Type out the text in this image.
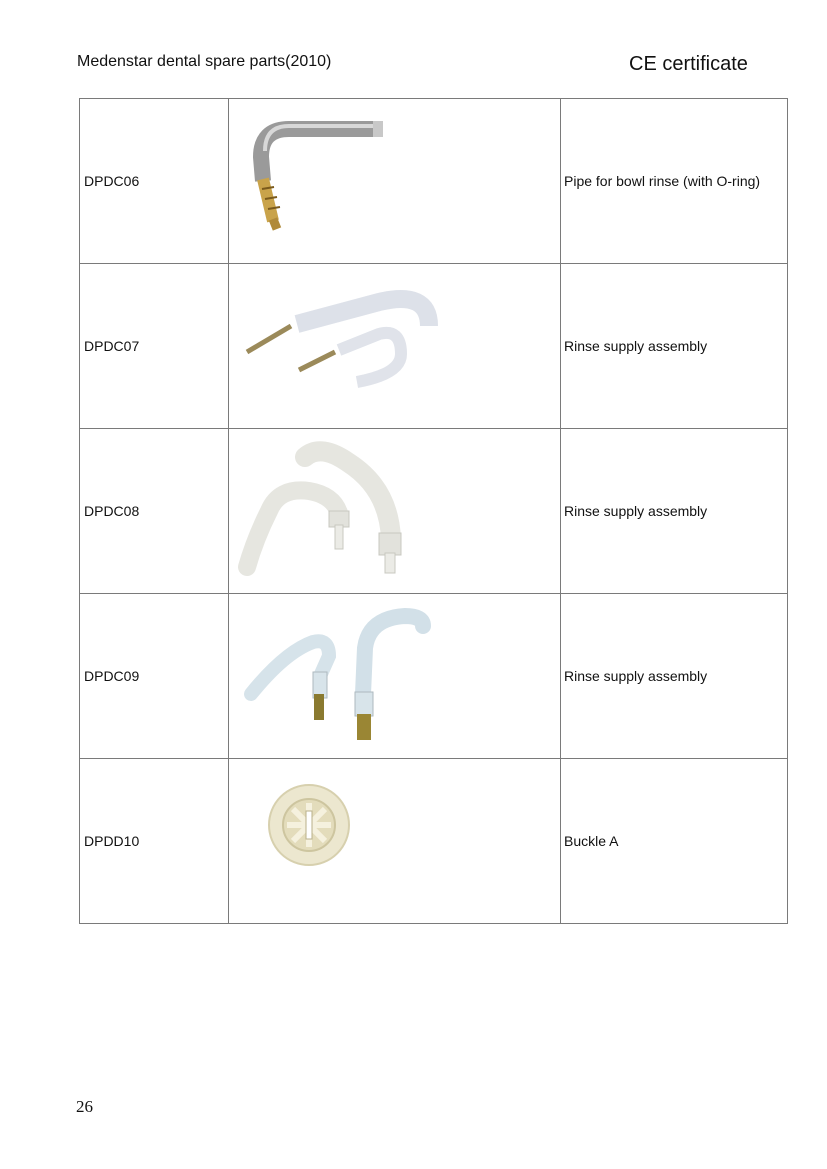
Medenstar dental spare parts(2010)	CE certificate
DPDC06		Pipe for bowl rinse (with O-ring)
DPDC07		Rinse supply assembly
DPDC08		Rinse supply assembly
DPDC09		Rinse supply assembly
DPDD10		Buckle A
26
